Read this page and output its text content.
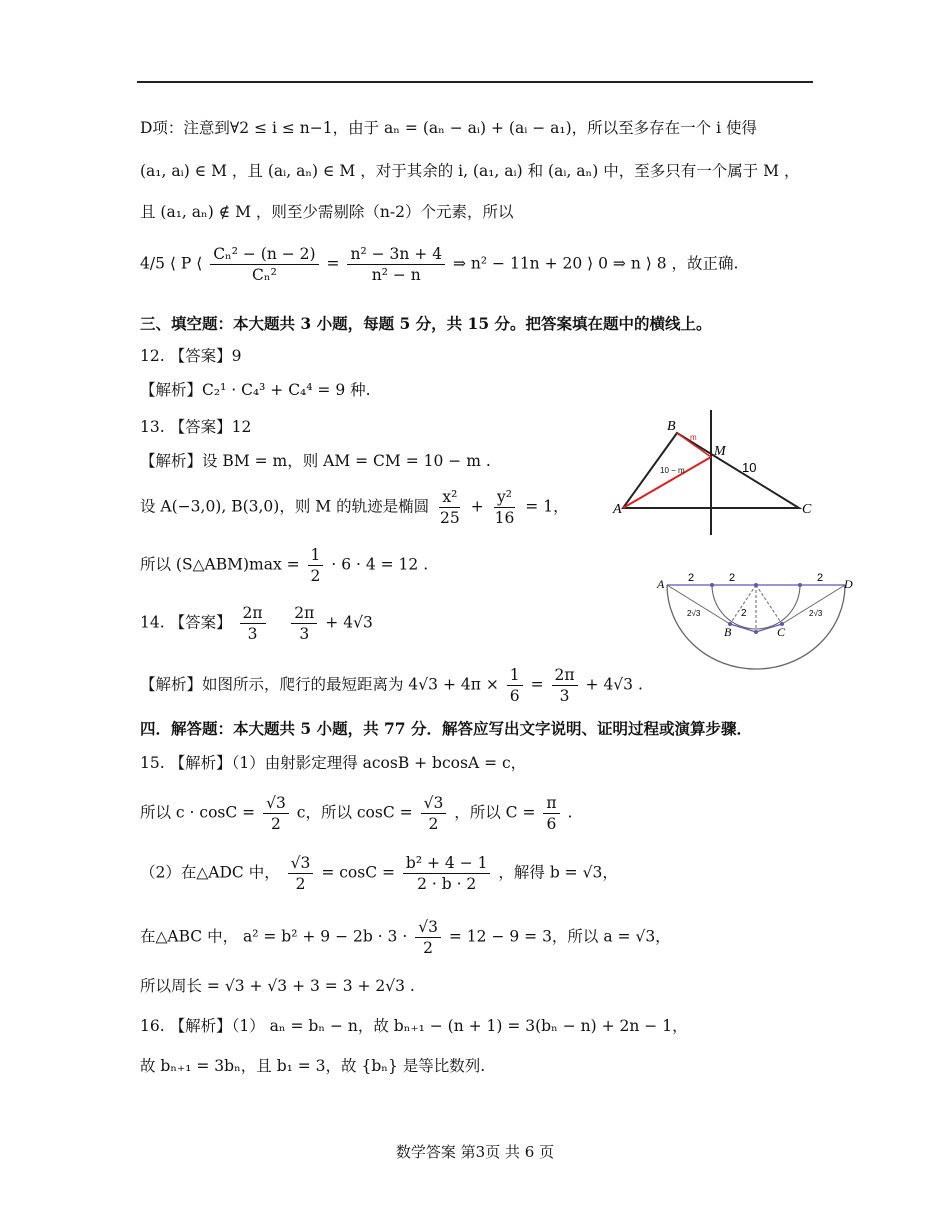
D项：注意到∀2 ≤ i ≤ n−1，由于 aₙ = (aₙ − aᵢ) + (aᵢ − a₁)，所以至多存在一个 i 使得
(a₁, aᵢ) ∈ M ，且 (aᵢ, aₙ) ∈ M ，对于其余的 i, (a₁, aᵢ) 和 (aᵢ, aₙ) 中，至多只有一个属于 M ，
且 (a₁, aₙ) ∉ M ，则至少需剔除（n-2）个元素，所以
4/5 ⟨ P ⟨ $\frac{\text{Cₙ² − (n − 2)}}{\text{Cₙ²}} = \frac{\text{n² − 3n + 4}}{\text{n² − n}}$ ⇒ n² − 11n + 20 ⟩ 0 ⇒ n ⟩ 8 ，故正确.
三、填空题：本大题共 3 小题，每题 5 分，共 15 分。把答案填在题中的横线上。
12. 【答案】9
【解析】C₂¹ · C₄³ + C₄⁴ = 9 种.
13. 【答案】12
【解析】设 BM = m，则 AM = CM = 10 − m .
设 A(−3,0), B(3,0)，则 M 的轨迹是椭圆 $\frac{\text{x²}}{25} + \frac{\text{y²}}{16} = 1$，
所以 (S△ABM)max = $\frac{1}{2} \cdot 6 \cdot 4 = 12$ .
14. 【答案】 $\frac{2\pi}{3}$
$\frac{2\pi}{3} + 4√3$
【解析】如图所示，爬行的最短距离为 $4√3 + 4\pi \times \frac{1}{6} = \frac{2\pi}{3} + 4√3$ .
四．解答题：本大题共 5 小题，共 77 分．解答应写出文字说明、证明过程或演算步骤．
15. 【解析】（1）由射影定理得 acosB + bcosA = c，
所以 $c \cdot \cos C = \frac{√3}{2}$ c，所以 $\cos C = \frac{√3}{2}$ ，所以 $C = \frac{\pi}{6}$ .
（2）在△ADC 中， $\frac{√3}{2} = \cos C = \frac{\text{b² + 4 − 1}}{2 \cdot b \cdot 2}$ ，解得 b = √3，
在△ABC 中， $a^2 = b^2 + 9 - 2b \cdot 3 \cdot \frac{√3}{2} = 12 - 9 = 3$，所以 a = √3，
所以周长 = √3 + √3 + 3 = 3 + 2√3 .
16. 【解析】（1） aₙ = bₙ − n，故 bₙ₊₁ − (n + 1) = 3(bₙ − n) + 2n − 1，
故 bₙ₊₁ = 3bₙ，且 b₁ = 3，故 {bₙ} 是等比数列.
B
M
A	C
m
10 − m	10
A	D
B	C
2	2	2
2
2√3	2√3
数学答案 第3页 共 6 页
